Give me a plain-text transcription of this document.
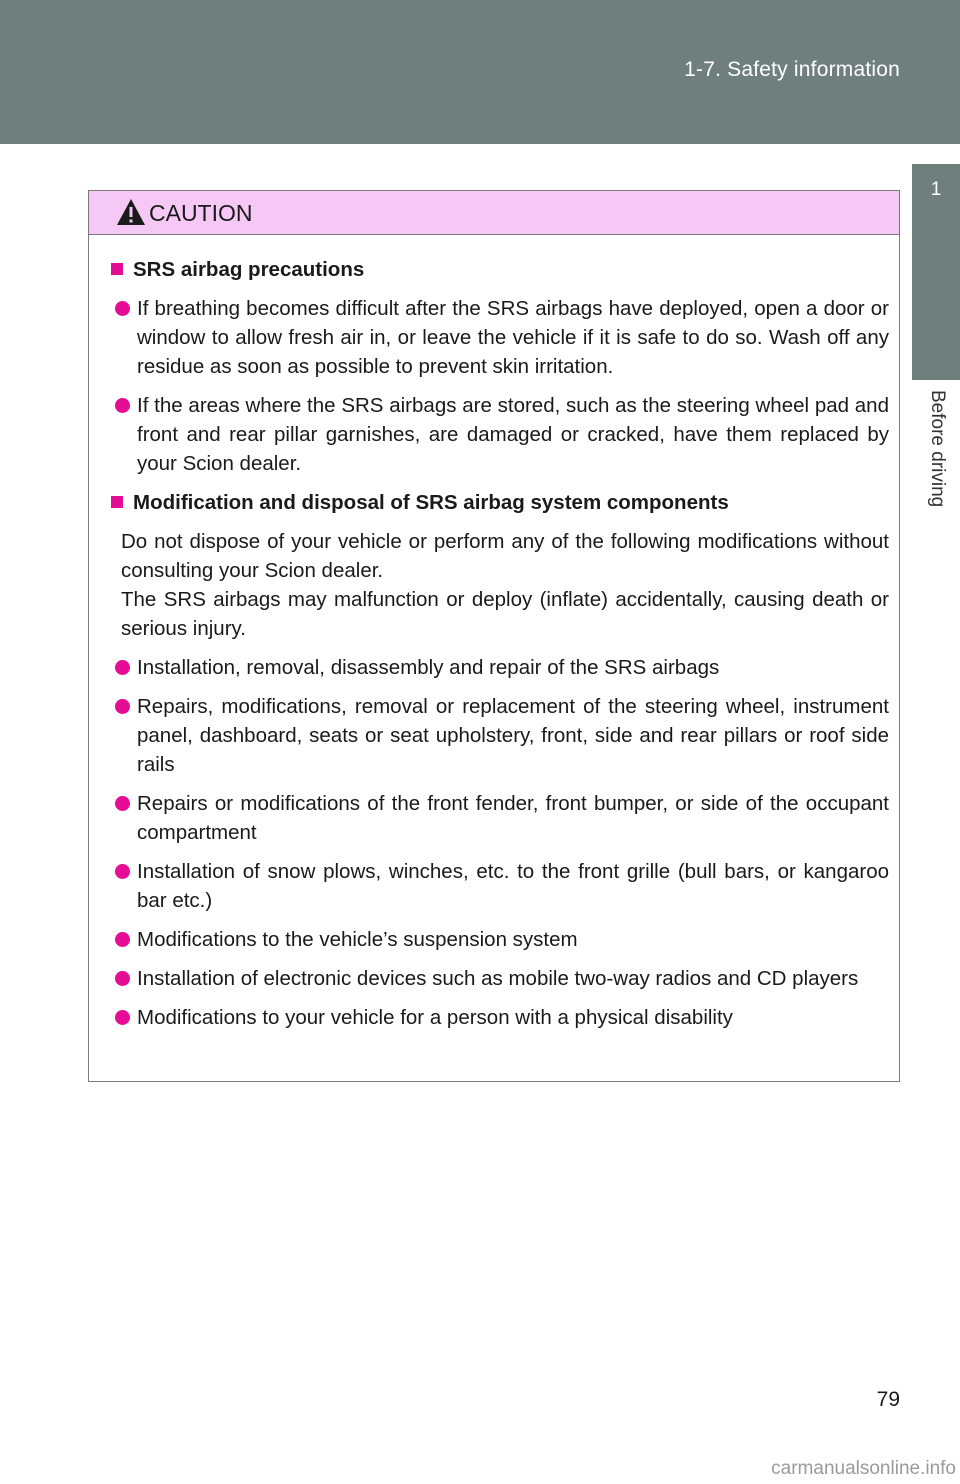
1-7. Safety information
1
Before driving
CAUTION
SRS airbag precautions
If breathing becomes difficult after the SRS airbags have deployed, open a door or window to allow fresh air in, or leave the vehicle if it is safe to do so. Wash off any residue as soon as possible to prevent skin irritation.
If the areas where the SRS airbags are stored, such as the steering wheel pad and front and rear pillar garnishes, are damaged or cracked, have them replaced by your Scion dealer.
Modification and disposal of SRS airbag system components

Do not dispose of your vehicle or perform any of the following modifications without consulting your Scion dealer.

The SRS airbags may malfunction or deploy (inflate) accidentally, causing death or serious injury.

Installation, removal, disassembly and repair of the SRS airbags
Repairs, modifications, removal or replacement of the steering wheel, instrument panel, dashboard, seats or seat upholstery, front, side and rear pillars or roof side rails
Repairs or modifications of the front fender, front bumper, or side of the occupant compartment
Installation of snow plows, winches, etc. to the front grille (bull bars, or kangaroo bar etc.)
Modifications to the vehicle’s suspension system
Installation of electronic devices such as mobile two-way radios and CD players
Modifications to your vehicle for a person with a physical disability
79
carmanualsonline.info
